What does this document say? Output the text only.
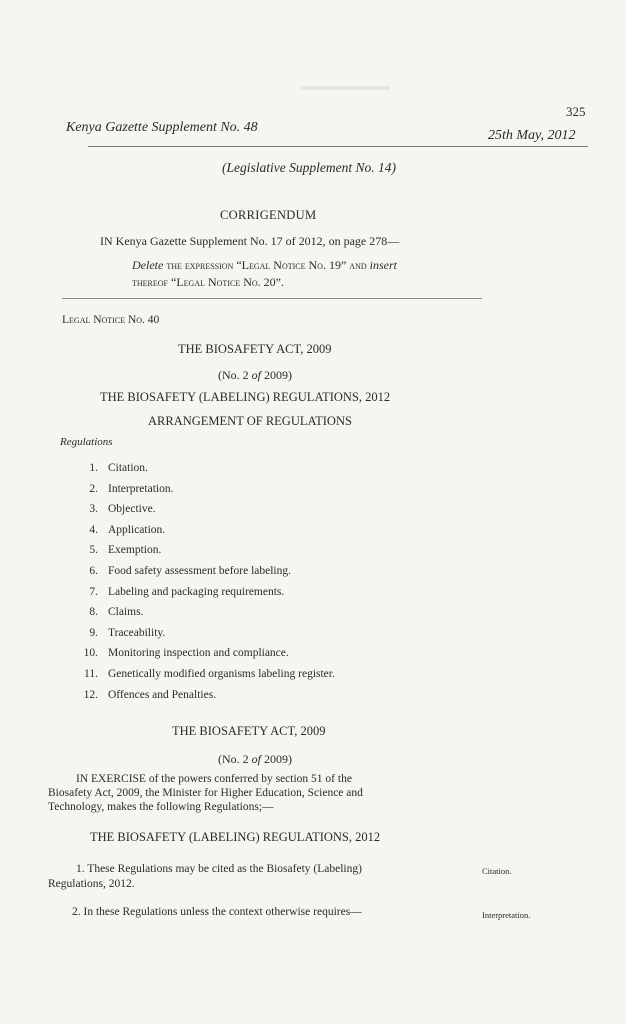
325
Kenya Gazette Supplement No. 48
25th May, 2012
(Legislative Supplement No. 14)
CORRIGENDUM
IN Kenya Gazette Supplement No. 17 of 2012, on page 278—
Delete the expression “Legal Notice No. 19” and insert
thereof “Legal Notice No. 20”.
Legal Notice No. 40
THE BIOSAFETY ACT, 2009
(No. 2 of 2009)
THE BIOSAFETY (LABELING) REGULATIONS, 2012
ARRANGEMENT OF REGULATIONS
Regulations
1. Citation.
2. Interpretation.
3. Objective.
4. Application.
5. Exemption.
6. Food safety assessment before labeling.
7. Labeling and packaging requirements.
8. Claims.
9. Traceability.
10. Monitoring inspection and compliance.
11. Genetically modified organisms labeling register.
12. Offences and Penalties.
THE BIOSAFETY ACT, 2009
(No. 2 of 2009)
IN EXERCISE of the powers conferred by section 51 of the
Biosafety Act, 2009, the Minister for Higher Education, Science and
Technology, makes the following Regulations;—
THE BIOSAFETY (LABELING) REGULATIONS, 2012
1. These Regulations may be cited as the Biosafety (Labeling)
Regulations, 2012.
Citation.
2. In these Regulations unless the context otherwise requires—	Interpretation.
